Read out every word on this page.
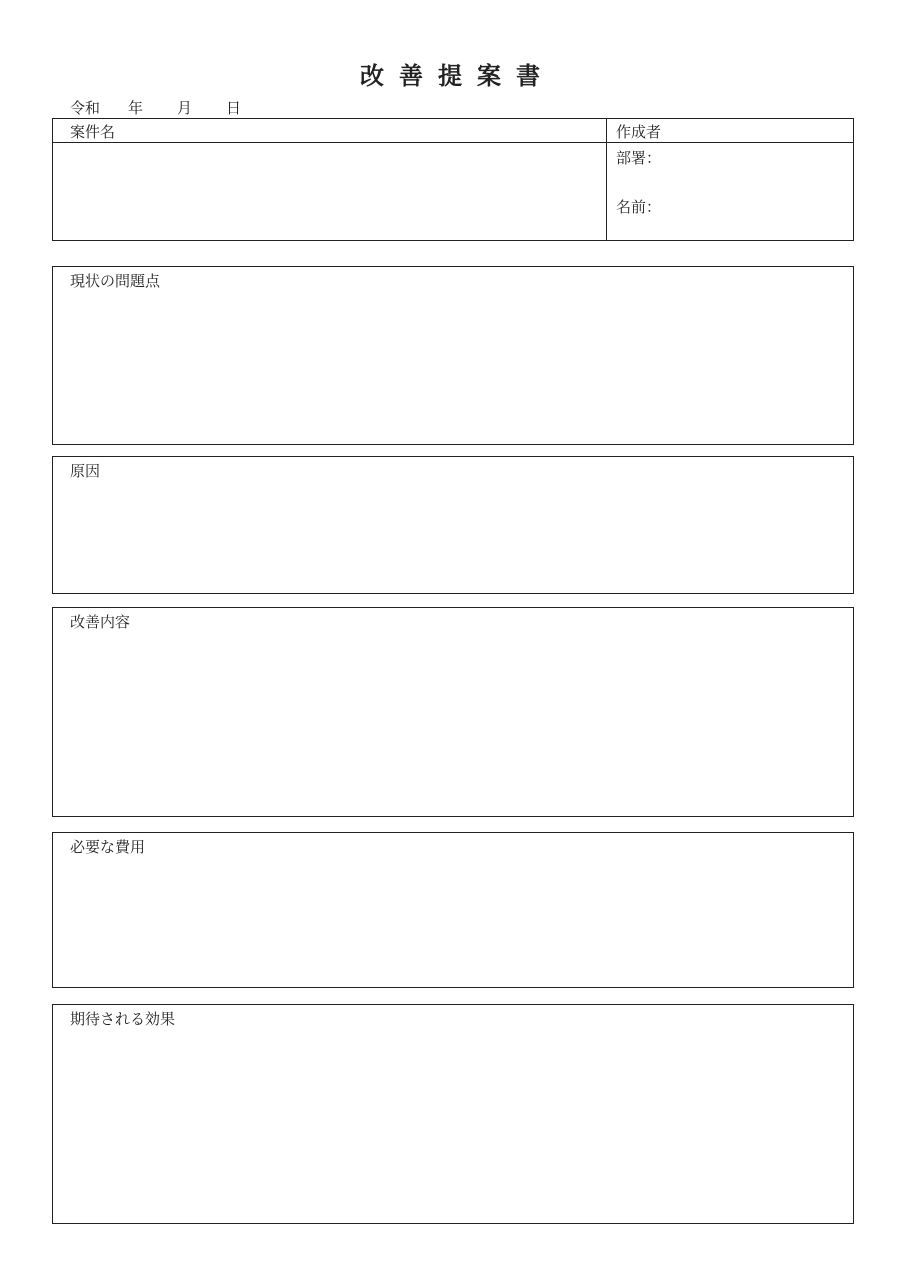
改善提案書
令和 年 月 日
案件名	作成者
部署：
名前：
現状の問題点
原因
改善内容
必要な費用
期待される効果
